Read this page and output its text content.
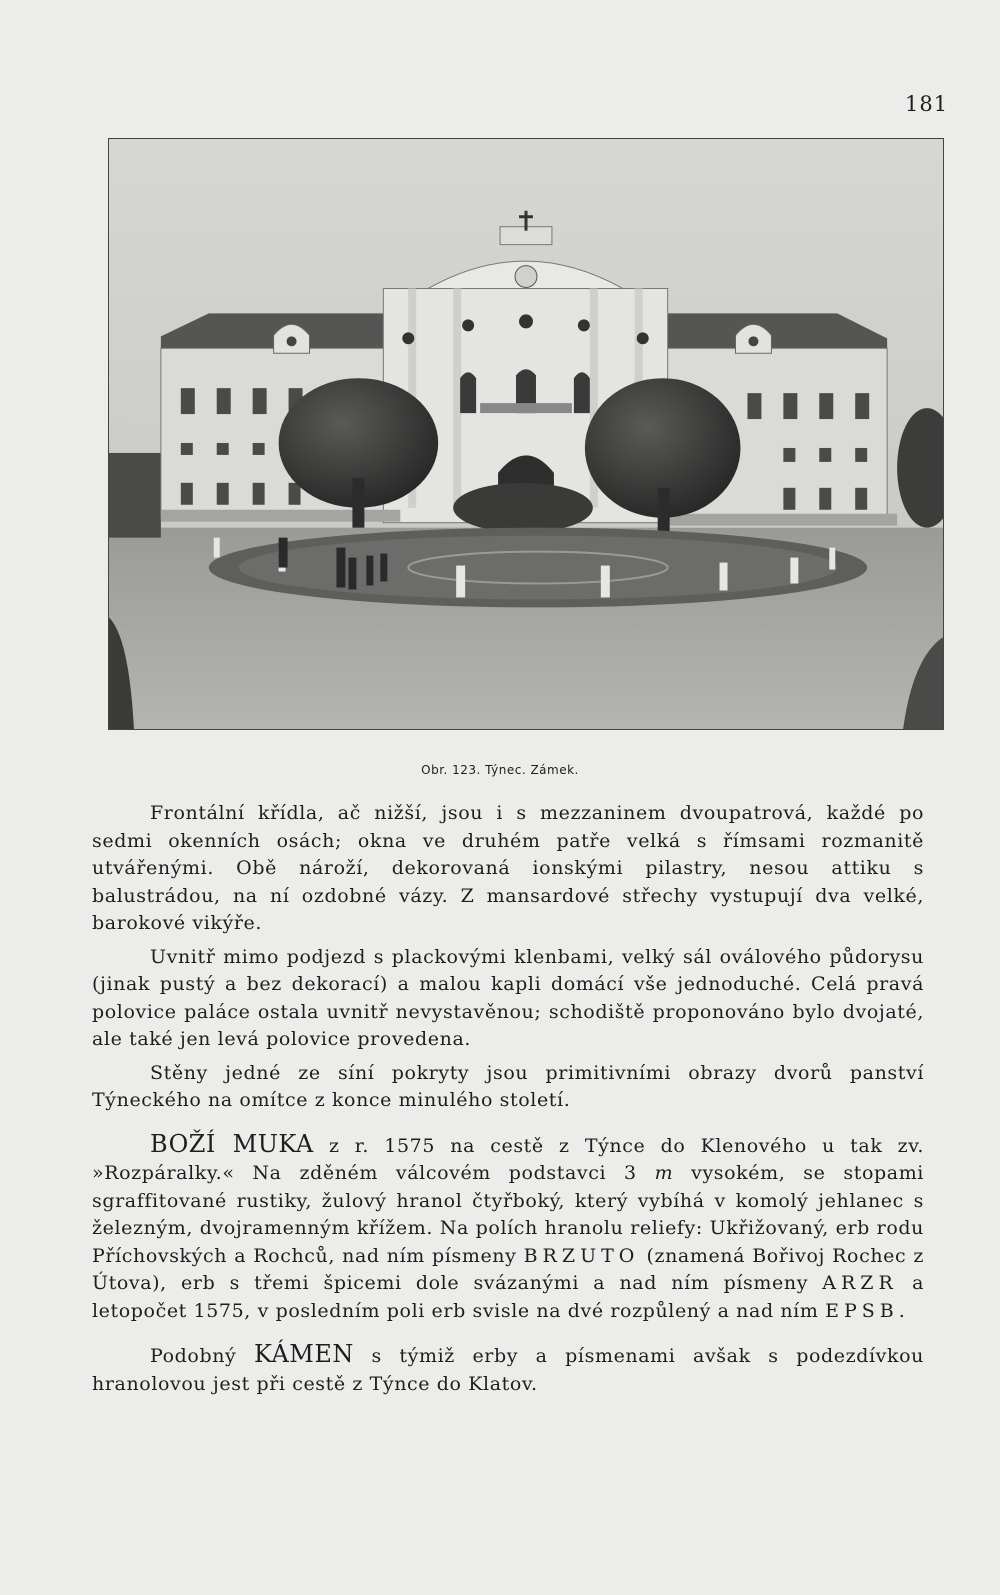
181
Obr. 123. Týnec. Zámek.

Frontální křídla, ač nižší, jsou i s mezzaninem dvoupatrová, každé po sedmi okenních osách; okna ve druhém patře velká s římsami rozmanitě utvářenými. Obě nároží, dekorovaná ionskými pilastry, nesou attiku s balustrádou, na ní ozdobné vázy. Z mansardové střechy vystupují dva velké, barokové vikýře.

Uvnitř mimo podjezd s plackovými klenbami, velký sál oválového půdorysu (jinak pustý a bez dekorací) a malou kapli domácí vše jednoduché. Celá pravá polovice paláce ostala uvnitř nevystavěnou; schodiště proponováno bylo dvojaté, ale také jen levá polovice provedena.

Stěny jedné ze síní pokryty jsou primitivními obrazy dvorů panství Týneckého na omítce z konce minulého století.

BOŽÍ MUKA z r. 1575 na cestě z Týnce do Klenového u tak zv. »Rozpáralky.« Na zděném válcovém podstavci 3 m vysokém, se stopami sgraffitované rustiky, žulový hranol čtyřboký, který vybíhá v komolý jehlanec s železným, dvojramenným křížem. Na polích hranolu reliefy: Ukřižovaný, erb rodu Příchovských a Rochců, nad ním písmeny BRZUTO (znamená Bořivoj Rochec z Útova), erb s třemi špicemi dole svázanými a nad ním písmeny ARZR a letopočet 1575, v posledním poli erb svisle na dvé rozpůlený a nad ním EPSB.

Podobný KÁMEN s týmiž erby a písmenami avšak s podezdívkou hranolovou jest při cestě z Týnce do Klatov.
